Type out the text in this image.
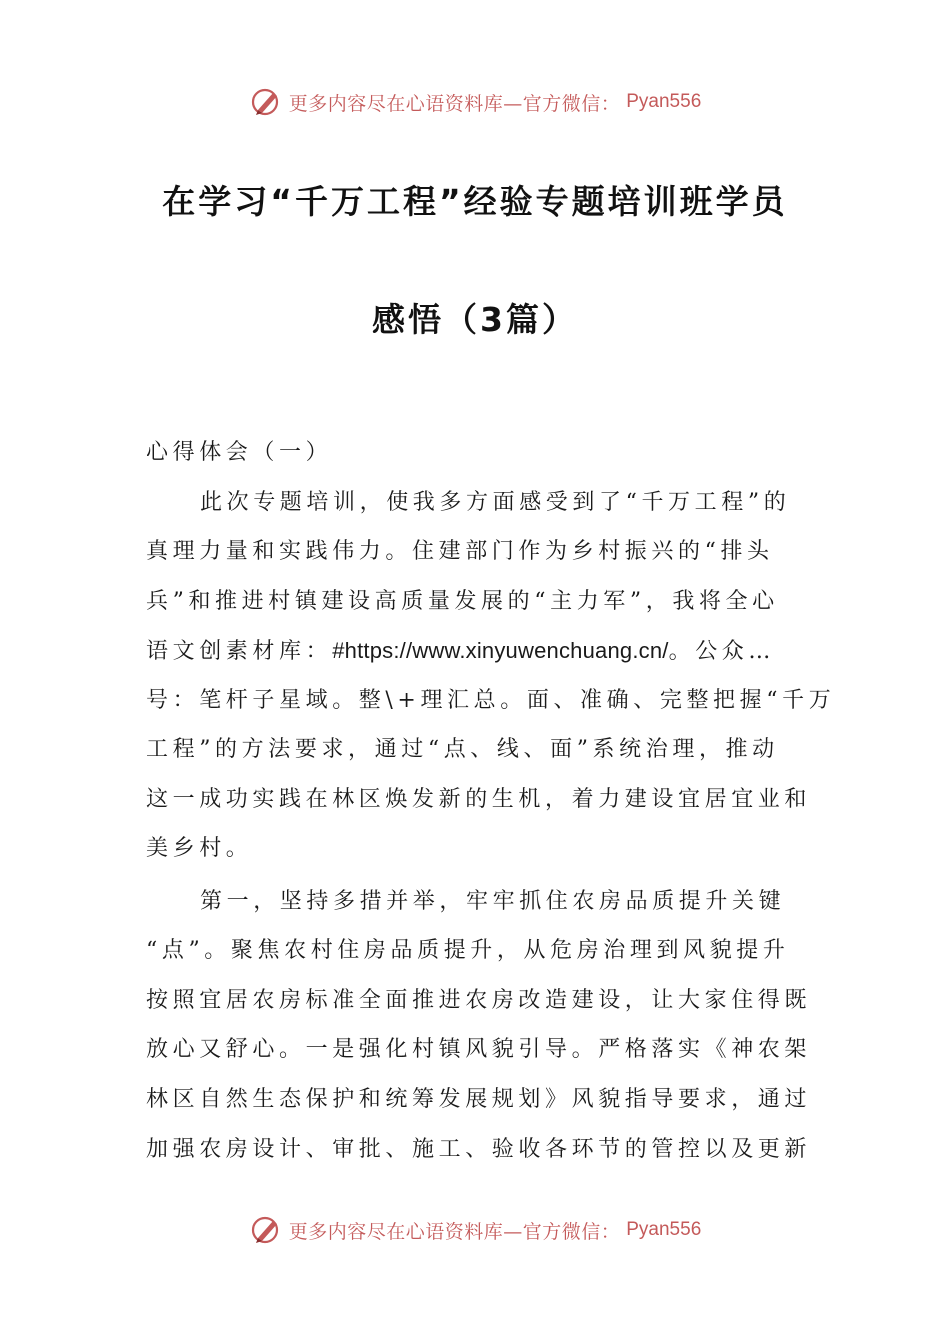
更多内容尽在心语资料库—官方微信： Pyan556
在学习“千万工程”经验专题培训班学员
感悟（3篇）
心得体会（一）
此次专题培训，使我多方面感受到了“千万工程”的
真理力量和实践伟力。住建部门作为乡村振兴的“排头
兵”和推进村镇建设高质量发展的“主力军”，我将全心
语文创素材库：#https://www.xinyuwenchuang.cn/。公众…
号：笔杆子星域。整\+理汇总。面、准确、完整把握“千万
工程”的方法要求，通过“点、线、面”系统治理，推动
这一成功实践在林区焕发新的生机，着力建设宜居宜业和
美乡村。
第一，坚持多措并举，牢牢抓住农房品质提升关键
“点”。聚焦农村住房品质提升，从危房治理到风貌提升
按照宜居农房标准全面推进农房改造建设，让大家住得既
放心又舒心。一是强化村镇风貌引导。严格落实《神农架
林区自然生态保护和统筹发展规划》风貌指导要求，通过
加强农房设计、审批、施工、验收各环节的管控以及更新
更多内容尽在心语资料库—官方微信： Pyan556
